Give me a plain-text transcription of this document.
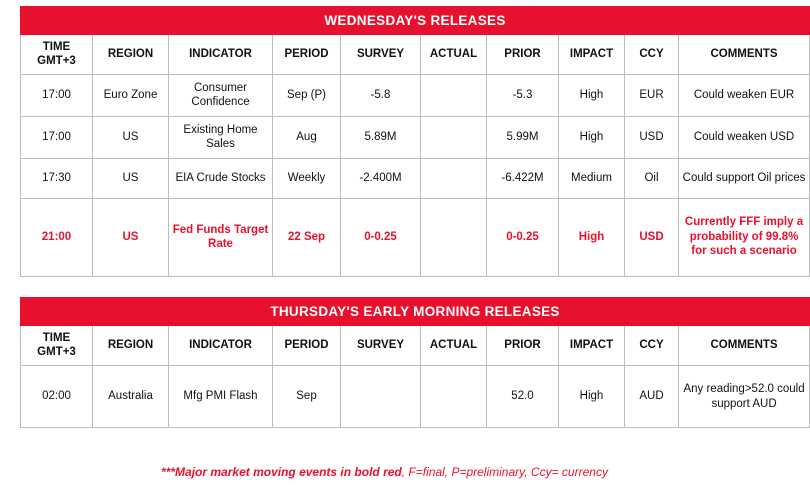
WEDNESDAY'S RELEASES									
TIME
GMT+3	REGION	INDICATOR	PERIOD	SURVEY	ACTUAL	PRIOR	IMPACT	CCY	COMMENTS
17:00	Euro Zone	Consumer Confidence	Sep (P)	-5.8		-5.3	High	EUR	Could weaken EUR
17:00	US	Existing Home Sales	Aug	5.89M		5.99M	High	USD	Could weaken USD
17:30	US	EIA Crude Stocks	Weekly	-2.400M		-6.422M	Medium	Oil	Could support Oil prices
21:00	US	Fed Funds Target Rate	22 Sep	0-0.25		0-0.25	High	USD	Currently FFF imply a probability of 99.8% for such a scenario
THURSDAY'S EARLY MORNING RELEASES									
TIME
GMT+3	REGION	INDICATOR	PERIOD	SURVEY	ACTUAL	PRIOR	IMPACT	CCY	COMMENTS
02:00	Australia	Mfg PMI Flash	Sep			52.0	High	AUD	Any reading>52.0 could support AUD
***Major market moving events in bold red, F=final, P=preliminary, Ccy= currency
